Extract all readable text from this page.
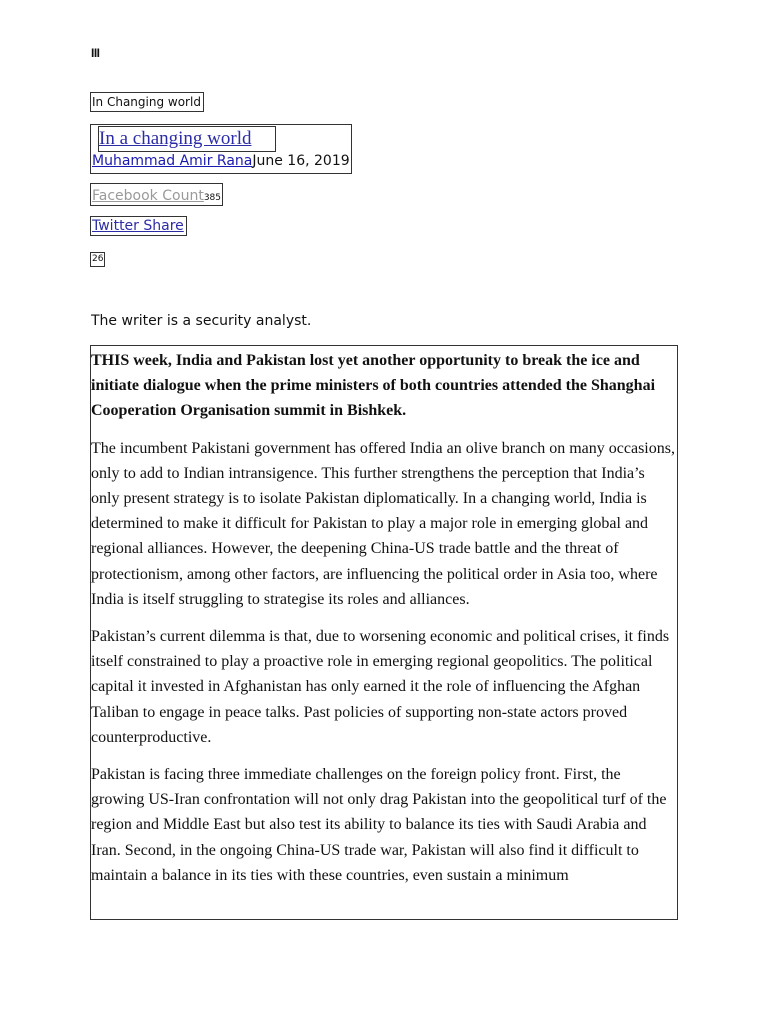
III
In Changing world
In a changing world
Muhammad Amir RanaJune 16, 2019
Facebook Count385
Twitter Share
26
The writer is a security analyst.

THIS week, India and Pakistan lost yet another opportunity to break the ice and initiate dialogue when the prime ministers of both countries attended the Shanghai Cooperation Organisation summit in Bishkek.

The incumbent Pakistani government has offered India an olive branch on many occasions, only to add to Indian intransigence. This further strengthens the perception that India’s only present strategy is to isolate Pakistan diplomatically. In a changing world, India is determined to make it difficult for Pakistan to play a major role in emerging global and regional alliances. However, the deepening China-US trade battle and the threat of protectionism, among other factors, are influencing the political order in Asia too, where India is itself struggling to strategise its roles and alliances.

Pakistan’s current dilemma is that, due to worsening economic and political crises, it finds itself constrained to play a proactive role in emerging regional geopolitics. The political capital it invested in Afghanistan has only earned it the role of influencing the Afghan Taliban to engage in peace talks. Past policies of supporting non-state actors proved counterproductive.

Pakistan is facing three immediate challenges on the foreign policy front. First, the growing US-Iran confrontation will not only drag Pakistan into the geopolitical turf of the region and Middle East but also test its ability to balance its ties with Saudi Arabia and Iran. Second, in the ongoing China-US trade war, Pakistan will also find it difficult to maintain a balance in its ties with these countries, even sustain a minimum
